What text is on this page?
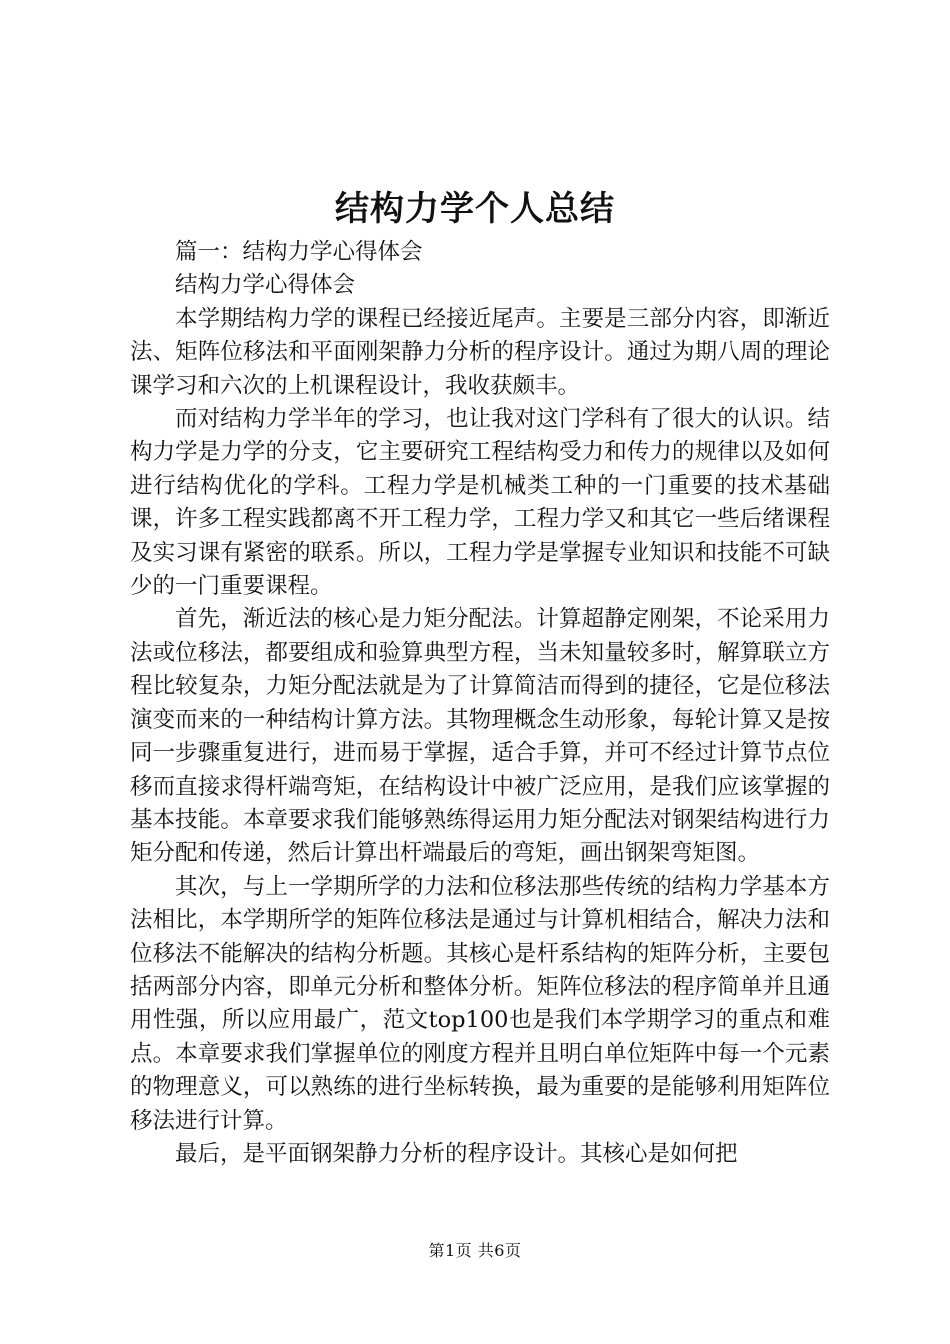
结构力学个人总结

篇一：结构力学心得体会

结构力学心得体会

本学期结构力学的课程已经接近尾声。主要是三部分内容，即渐近法、矩阵位移法和平面刚架静力分析的程序设计。通过为期八周的理论课学习和六次的上机课程设计，我收获颇丰。

而对结构力学半年的学习，也让我对这门学科有了很大的认识。结构力学是力学的分支，它主要研究工程结构受力和传力的规律以及如何进行结构优化的学科。工程力学是机械类工种的一门重要的技术基础课，许多工程实践都离不开工程力学，工程力学又和其它一些后绪课程及实习课有紧密的联系。所以，工程力学是掌握专业知识和技能不可缺少的一门重要课程。

首先，渐近法的核心是力矩分配法。计算超静定刚架，不论采用力法或位移法，都要组成和验算典型方程，当未知量较多时，解算联立方程比较复杂，力矩分配法就是为了计算简洁而得到的捷径，它是位移法演变而来的一种结构计算方法。其物理概念生动形象，每轮计算又是按同一步骤重复进行，进而易于掌握，适合手算，并可不经过计算节点位移而直接求得杆端弯矩，在结构设计中被广泛应用，是我们应该掌握的基本技能。本章要求我们能够熟练得运用力矩分配法对钢架结构进行力矩分配和传递，然后计算出杆端最后的弯矩，画出钢架弯矩图。

其次，与上一学期所学的力法和位移法那些传统的结构力学基本方法相比，本学期所学的矩阵位移法是通过与计算机相结合，解决力法和位移法不能解决的结构分析题。其核心是杆系结构的矩阵分析，主要包括两部分内容，即单元分析和整体分析。矩阵位移法的程序简单并且通用性强，所以应用最广，范文top100也是我们本学期学习的重点和难点。本章要求我们掌握单位的刚度方程并且明白单位矩阵中每一个元素的物理意义，可以熟练的进行坐标转换，最为重要的是能够利用矩阵位移法进行计算。

最后，是平面钢架静力分析的程序设计。其核心是如何把

第1页 共6页
